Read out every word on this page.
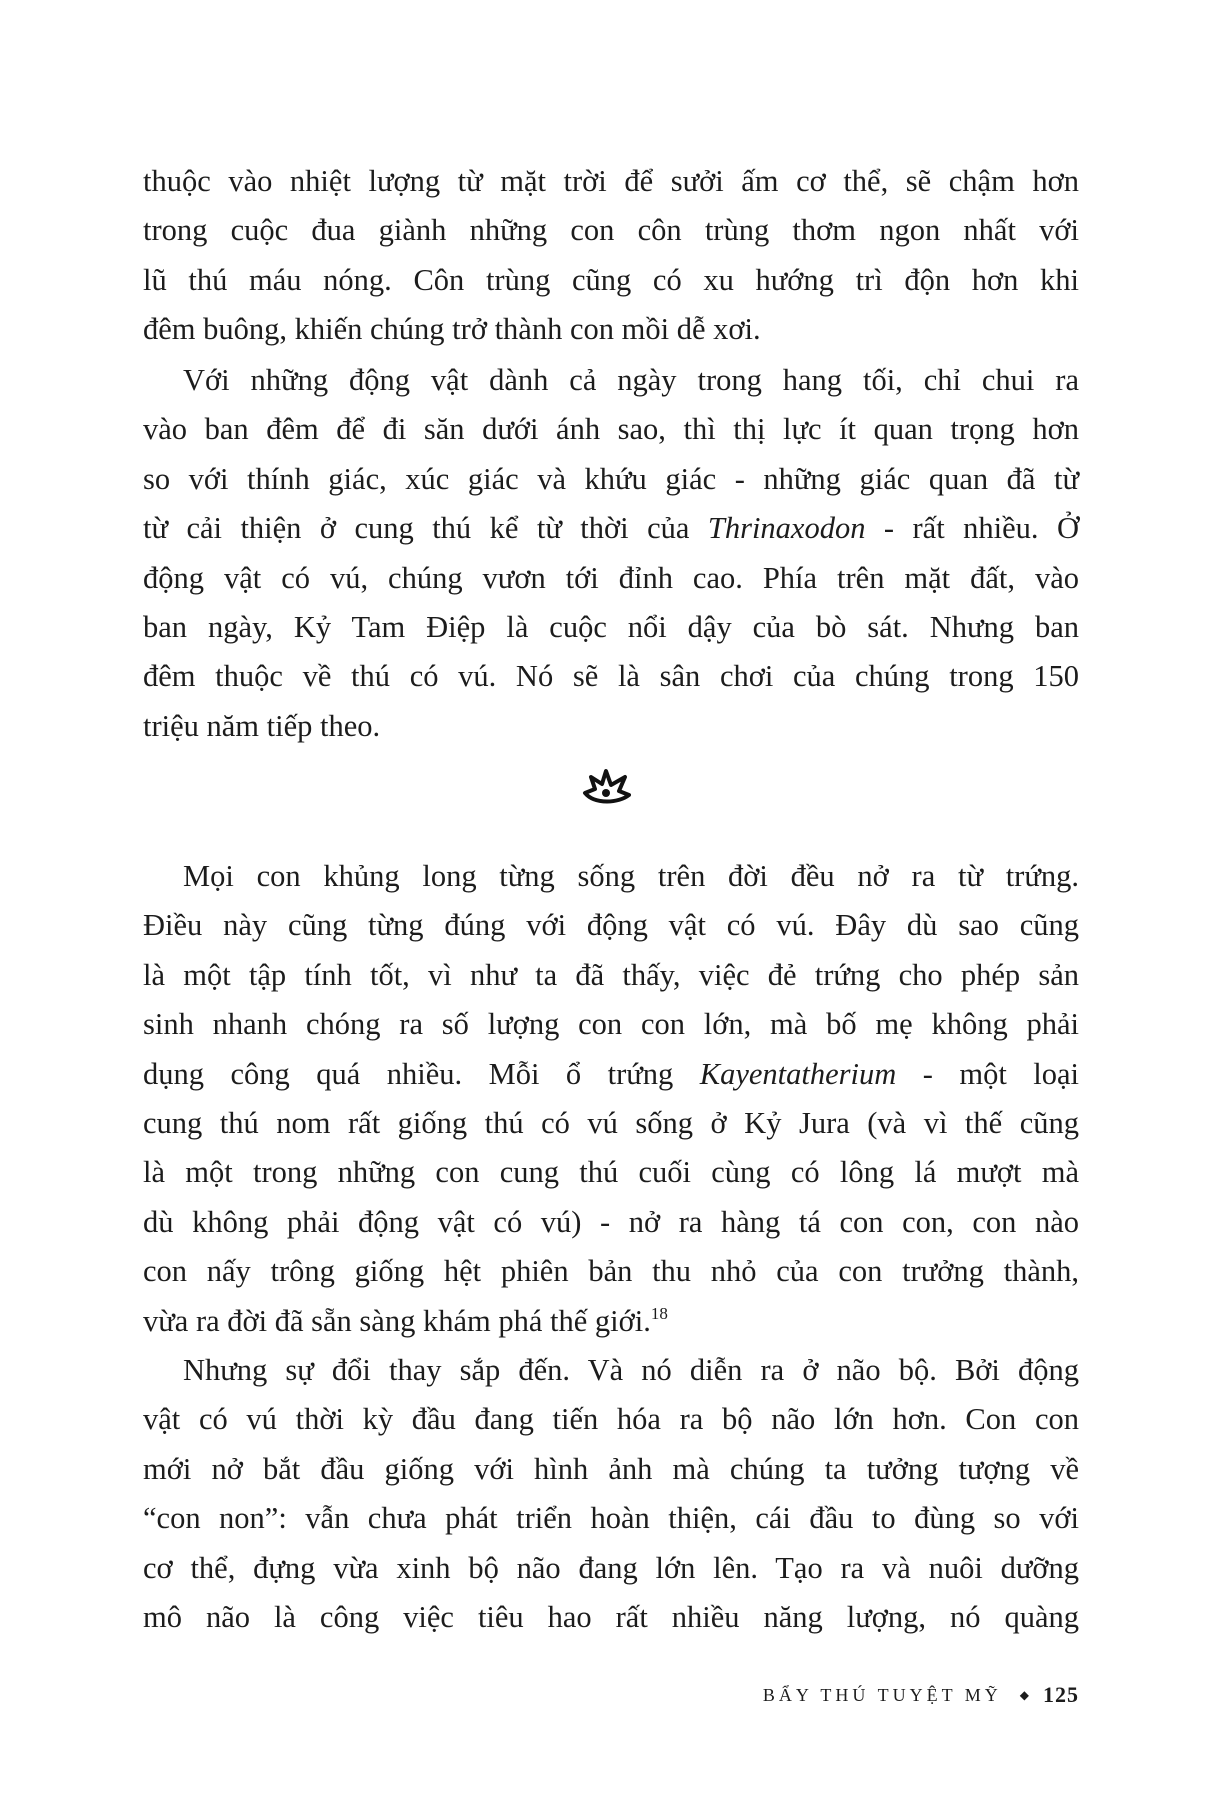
thuộc vào nhiệt lượng từ mặt trời để sưởi ấm cơ thể, sẽ chậm hơn
trong cuộc đua giành những con côn trùng thơm ngon nhất với
lũ thú máu nóng. Côn trùng cũng có xu hướng trì độn hơn khi
đêm buông, khiến chúng trở thành con mồi dễ xơi.
Với những động vật dành cả ngày trong hang tối, chỉ chui ra
vào ban đêm để đi săn dưới ánh sao, thì thị lực ít quan trọng hơn
so với thính giác, xúc giác và khứu giác - những giác quan đã từ
từ cải thiện ở cung thú kể từ thời của Thrinaxodon - rất nhiều. Ở
động vật có vú, chúng vươn tới đỉnh cao. Phía trên mặt đất, vào
ban ngày, Kỷ Tam Điệp là cuộc nổi dậy của bò sát. Nhưng ban
đêm thuộc về thú có vú. Nó sẽ là sân chơi của chúng trong 150
triệu năm tiếp theo.
Mọi con khủng long từng sống trên đời đều nở ra từ trứng.
Điều này cũng từng đúng với động vật có vú. Đây dù sao cũng
là một tập tính tốt, vì như ta đã thấy, việc đẻ trứng cho phép sản
sinh nhanh chóng ra số lượng con con lớn, mà bố mẹ không phải
dụng công quá nhiều. Mỗi ổ trứng Kayentatherium - một loại
cung thú nom rất giống thú có vú sống ở Kỷ Jura (và vì thế cũng
là một trong những con cung thú cuối cùng có lông lá mượt mà
dù không phải động vật có vú) - nở ra hàng tá con con, con nào
con nấy trông giống hệt phiên bản thu nhỏ của con trưởng thành,
vừa ra đời đã sẵn sàng khám phá thế giới.$^{18}$
Nhưng sự đổi thay sắp đến. Và nó diễn ra ở não bộ. Bởi động
vật có vú thời kỳ đầu đang tiến hóa ra bộ não lớn hơn. Con con
mới nở bắt đầu giống với hình ảnh mà chúng ta tưởng tượng về
“con non”: vẫn chưa phát triển hoàn thiện, cái đầu to đùng so với
cơ thể, đựng vừa xinh bộ não đang lớn lên. Tạo ra và nuôi dưỡng
mô não là công việc tiêu hao rất nhiều năng lượng, nó quàng
BẨY THÚ TUYỆT MỸ ◆ 125
